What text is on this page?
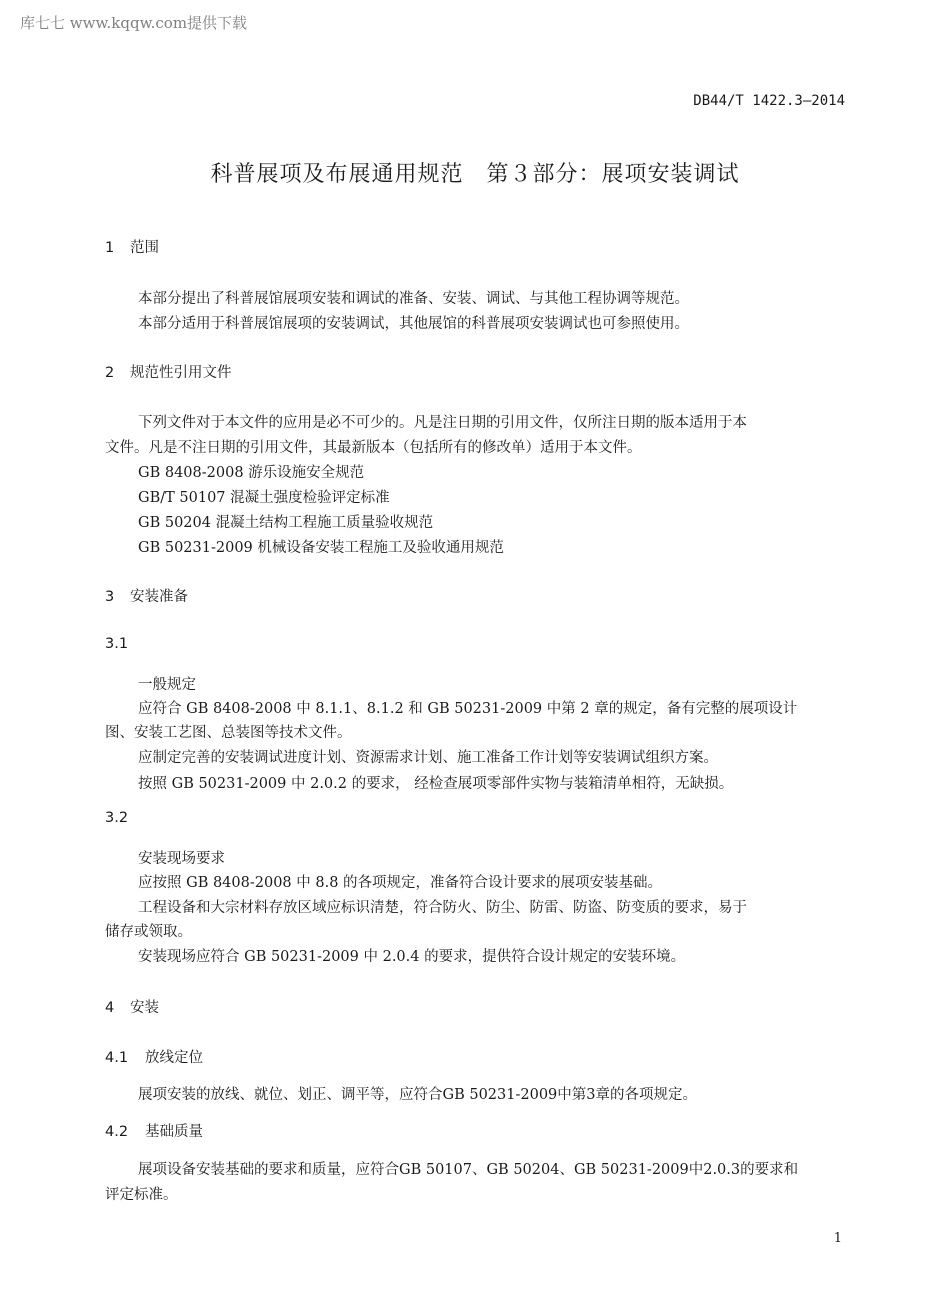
库七七 www.kqqw.com提供下载
DB44/T 1422.3—2014
科普展项及布展通用规范　第３部分：展项安装调试
1 范围
本部分提出了科普展馆展项安装和调试的准备、安装、调试、与其他工程协调等规范。
本部分适用于科普展馆展项的安装调试，其他展馆的科普展项安装调试也可参照使用。
2 规范性引用文件
下列文件对于本文件的应用是必不可少的。凡是注日期的引用文件，仅所注日期的版本适用于本
文件。凡是不注日期的引用文件，其最新版本（包括所有的修改单）适用于本文件。
GB 8408-2008 游乐设施安全规范
GB/T 50107 混凝土强度检验评定标准
GB 50204 混凝土结构工程施工质量验收规范
GB 50231-2009 机械设备安装工程施工及验收通用规范
3 安装准备
3.1
一般规定
应符合 GB 8408-2008 中 8.1.1、8.1.2 和 GB 50231-2009 中第 2 章的规定，备有完整的展项设计
图、安装工艺图、总装图等技术文件。
应制定完善的安装调试进度计划、资源需求计划、施工准备工作计划等安装调试组织方案。
按照 GB 50231-2009 中 2.0.2 的要求， 经检查展项零部件实物与装箱清单相符，无缺损。
3.2
安装现场要求
应按照 GB 8408-2008 中 8.8 的各项规定，准备符合设计要求的展项安装基础。
工程设备和大宗材料存放区域应标识清楚，符合防火、防尘、防雷、防盗、防变质的要求，易于
储存或领取。
安装现场应符合 GB 50231-2009 中 2.0.4 的要求，提供符合设计规定的安装环境。
4 安装
4.1 放线定位
展项安装的放线、就位、划正、调平等，应符合GB 50231-2009中第3章的各项规定。
4.2 基础质量
展项设备安装基础的要求和质量，应符合GB 50107、GB 50204、GB 50231-2009中2.0.3的要求和
评定标准。
1
